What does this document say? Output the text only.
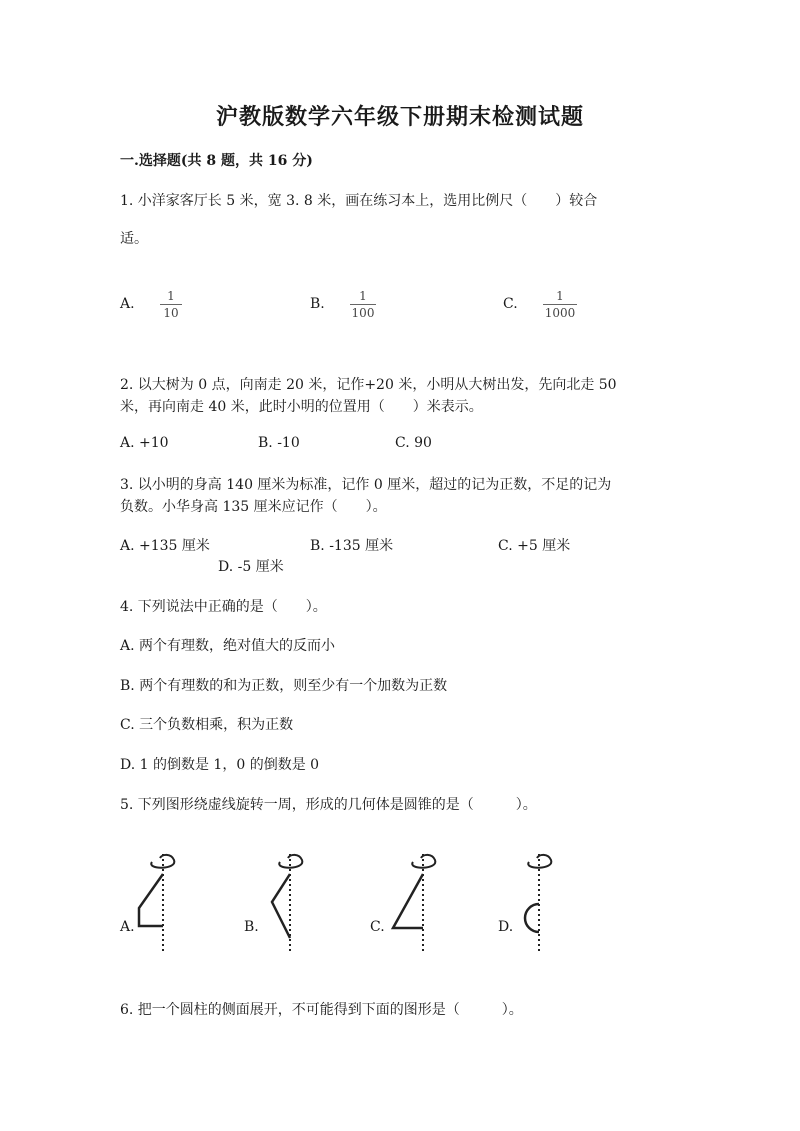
沪教版数学六年级下册期末检测试题
一.选择题(共 8 题，共 16 分)
1. 小洋家客厅长 5 米，宽 3. 8 米，画在练习本上，选用比例尺（　　）较合
适。
A.	1
10
B.	1
100
C.	1
1000
2. 以大树为 0 点，向南走 20 米，记作+20 米，小明从大树出发，先向北走 50
米，再向南走 40 米，此时小明的位置用（　　）米表示。
A. +10	B. -10	C. 90
3. 以小明的身高 140 厘米为标准，记作 0 厘米，超过的记为正数，不足的记为
负数。小华身高 135 厘米应记作（　　）。
A. +135 厘米	B. -135 厘米	C. +5 厘米
D. -5 厘米
4. 下列说法中正确的是（　　）。
A. 两个有理数，绝对值大的反而小
B. 两个有理数的和为正数，则至少有一个加数为正数
C. 三个负数相乘，积为正数
D. 1 的倒数是 1，0 的倒数是 0
5. 下列图形绕虚线旋转一周，形成的几何体是圆锥的是（　　　）。
A.	B.	C.	D.
6. 把一个圆柱的侧面展开，不可能得到下面的图形是（　　　）。
